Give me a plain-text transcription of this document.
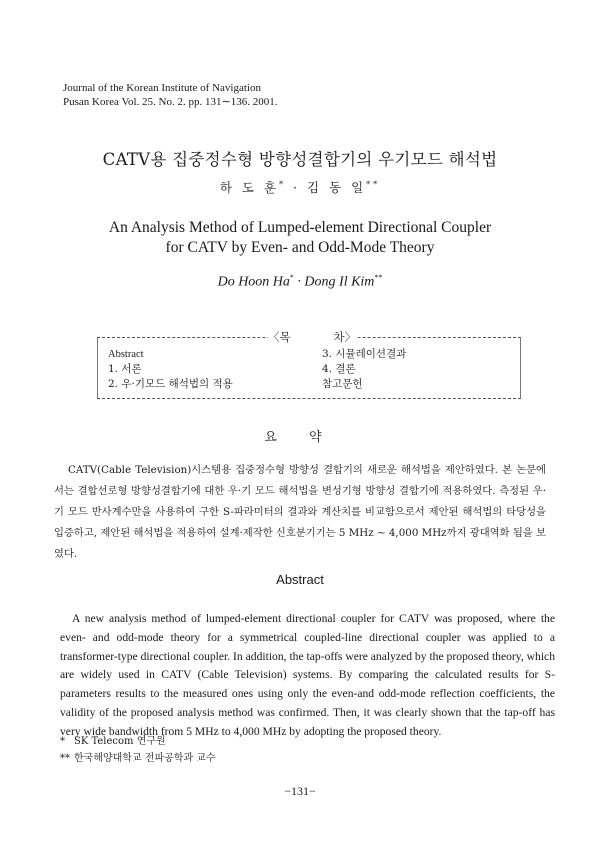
Journal of the Korean Institute of Navigation
Pusan Korea Vol. 25. No. 2. pp. 131∼136. 2001.
CATV용 집중정수형 방향성결합기의 우기모드 해석법
하 도 훈* · 김 동 일**
An Analysis Method of Lumped-element Directional Coupler
for CATV by Even- and Odd-Mode Theory
Do Hoon Ha* · Dong Il Kim**
〈목	차〉
Abstract
1. 서론
2. 우·기모드 해석법의 적용
3. 시뮬레이션결과
4. 결론
참고문헌
요 약
CATV(Cable Television)시스템용 집중정수형 방향성 결합기의 새로운 해석법을 제안하였다. 본 논문에서는 결합선로형 방향성결합기에 대한 우·기 모드 해석법을 변성기형 방향성 결합기에 적용하였다. 측정된 우·기 모드 반사계수만을 사용하여 구한 S-파라미터의 결과와 계산치를 비교함으로서 제안된 해석법의 타당성을 입증하고, 제안된 해석법을 적용하여 설계·제작한 신호분기기는 5 MHz ∼ 4,000 MHz까지 광대역화 됨을 보였다.
Abstract
A new analysis method of lumped-element directional coupler for CATV was proposed, where the even- and odd-mode theory for a symmetrical coupled-line directional coupler was applied to a transformer-type directional coupler. In addition, the tap-offs were analyzed by the proposed theory, which are widely used in CATV (Cable Television) systems. By comparing the calculated results for S-parameters results to the measured ones using only the even-and odd-mode reflection coefficients, the validity of the proposed analysis method was confirmed. Then, it was clearly shown that the tap-off has very wide bandwidth from 5 MHz to 4,000 MHz by adopting the proposed theory.
* SK Telecom 연구원
** 한국해양대학교 전파공학과 교수
−131−
